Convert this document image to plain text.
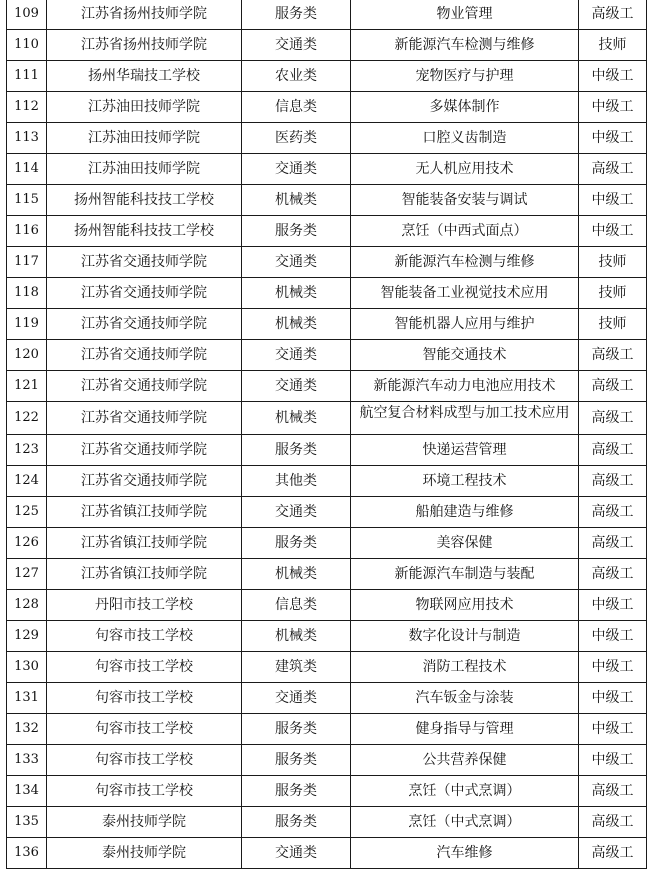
109	江苏省扬州技师学院	服务类	物业管理	高级工
110	江苏省扬州技师学院	交通类	新能源汽车检测与维修	技师
111	扬州华瑞技工学校	农业类	宠物医疗与护理	中级工
112	江苏油田技师学院	信息类	多媒体制作	中级工
113	江苏油田技师学院	医药类	口腔义齿制造	中级工
114	江苏油田技师学院	交通类	无人机应用技术	高级工
115	扬州智能科技技工学校	机械类	智能装备安装与调试	中级工
116	扬州智能科技技工学校	服务类	烹饪（中西式面点）	中级工
117	江苏省交通技师学院	交通类	新能源汽车检测与维修	技师
118	江苏省交通技师学院	机械类	智能装备工业视觉技术应用	技师
119	江苏省交通技师学院	机械类	智能机器人应用与维护	技师
120	江苏省交通技师学院	交通类	智能交通技术	高级工
121	江苏省交通技师学院	交通类	新能源汽车动力电池应用技术	高级工
122	江苏省交通技师学院	机械类	航空复合材料成型与加工技术应用	高级工
123	江苏省交通技师学院	服务类	快递运营管理	高级工
124	江苏省交通技师学院	其他类	环境工程技术	高级工
125	江苏省镇江技师学院	交通类	船舶建造与维修	高级工
126	江苏省镇江技师学院	服务类	美容保健	高级工
127	江苏省镇江技师学院	机械类	新能源汽车制造与装配	高级工
128	丹阳市技工学校	信息类	物联网应用技术	中级工
129	句容市技工学校	机械类	数字化设计与制造	中级工
130	句容市技工学校	建筑类	消防工程技术	中级工
131	句容市技工学校	交通类	汽车钣金与涂装	中级工
132	句容市技工学校	服务类	健身指导与管理	中级工
133	句容市技工学校	服务类	公共营养保健	中级工
134	句容市技工学校	服务类	烹饪（中式烹调）	高级工
135	泰州技师学院	服务类	烹饪（中式烹调）	高级工
136	泰州技师学院	交通类	汽车维修	高级工
